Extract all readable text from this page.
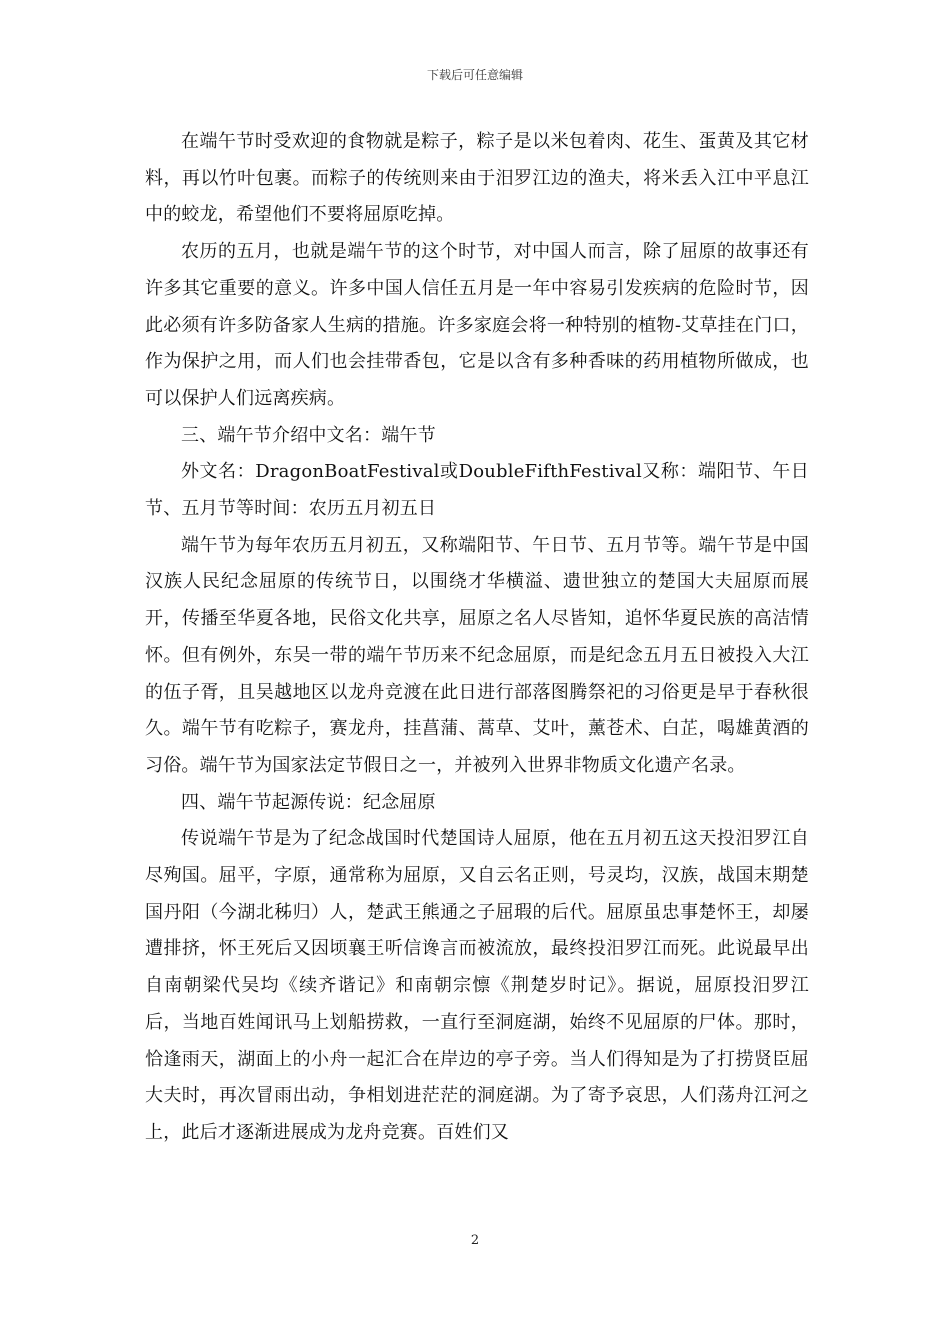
下载后可任意编辑

在端午节时受欢迎的食物就是粽子，粽子是以米包着肉、花生、蛋黄及其它材料，再以竹叶包裹。而粽子的传统则来由于汨罗江边的渔夫，将米丢入江中平息江中的蛟龙，希望他们不要将屈原吃掉。

农历的五月，也就是端午节的这个时节，对中国人而言，除了屈原的故事还有许多其它重要的意义。许多中国人信任五月是一年中容易引发疾病的危险时节，因此必须有许多防备家人生病的措施。许多家庭会将一种特别的植物-艾草挂在门口，作为保护之用，而人们也会挂带香包，它是以含有多种香味的药用植物所做成，也可以保护人们远离疾病。

三、端午节介绍中文名：端午节

外文名：DragonBoatFestival或DoubleFifthFestival又称：端阳节、午日节、五月节等时间：农历五月初五日

端午节为每年农历五月初五，又称端阳节、午日节、五月节等。端午节是中国汉族人民纪念屈原的传统节日，以围绕才华横溢、遗世独立的楚国大夫屈原而展开，传播至华夏各地，民俗文化共享，屈原之名人尽皆知，追怀华夏民族的高洁情怀。但有例外，东吴一带的端午节历来不纪念屈原，而是纪念五月五日被投入大江的伍子胥，且吴越地区以龙舟竞渡在此日进行部落图腾祭祀的习俗更是早于春秋很久。端午节有吃粽子，赛龙舟，挂菖蒲、蒿草、艾叶，薰苍术、白芷，喝雄黄酒的习俗。端午节为国家法定节假日之一，并被列入世界非物质文化遗产名录。

四、端午节起源传说：纪念屈原

传说端午节是为了纪念战国时代楚国诗人屈原，他在五月初五这天投汨罗江自尽殉国。屈平，字原，通常称为屈原，又自云名正则，号灵均，汉族，战国末期楚国丹阳（今湖北秭归）人，楚武王熊通之子屈瑕的后代。屈原虽忠事楚怀王，却屡遭排挤，怀王死后又因顷襄王听信谗言而被流放，最终投汨罗江而死。此说最早出自南朝梁代吴均《续齐谐记》和南朝宗懔《荆楚岁时记》。据说，屈原投汨罗江后，当地百姓闻讯马上划船捞救，一直行至洞庭湖，始终不见屈原的尸体。那时，恰逢雨天，湖面上的小舟一起汇合在岸边的亭子旁。当人们得知是为了打捞贤臣屈大夫时，再次冒雨出动，争相划进茫茫的洞庭湖。为了寄予哀思，人们荡舟江河之上，此后才逐渐进展成为龙舟竞赛。百姓们又

2
